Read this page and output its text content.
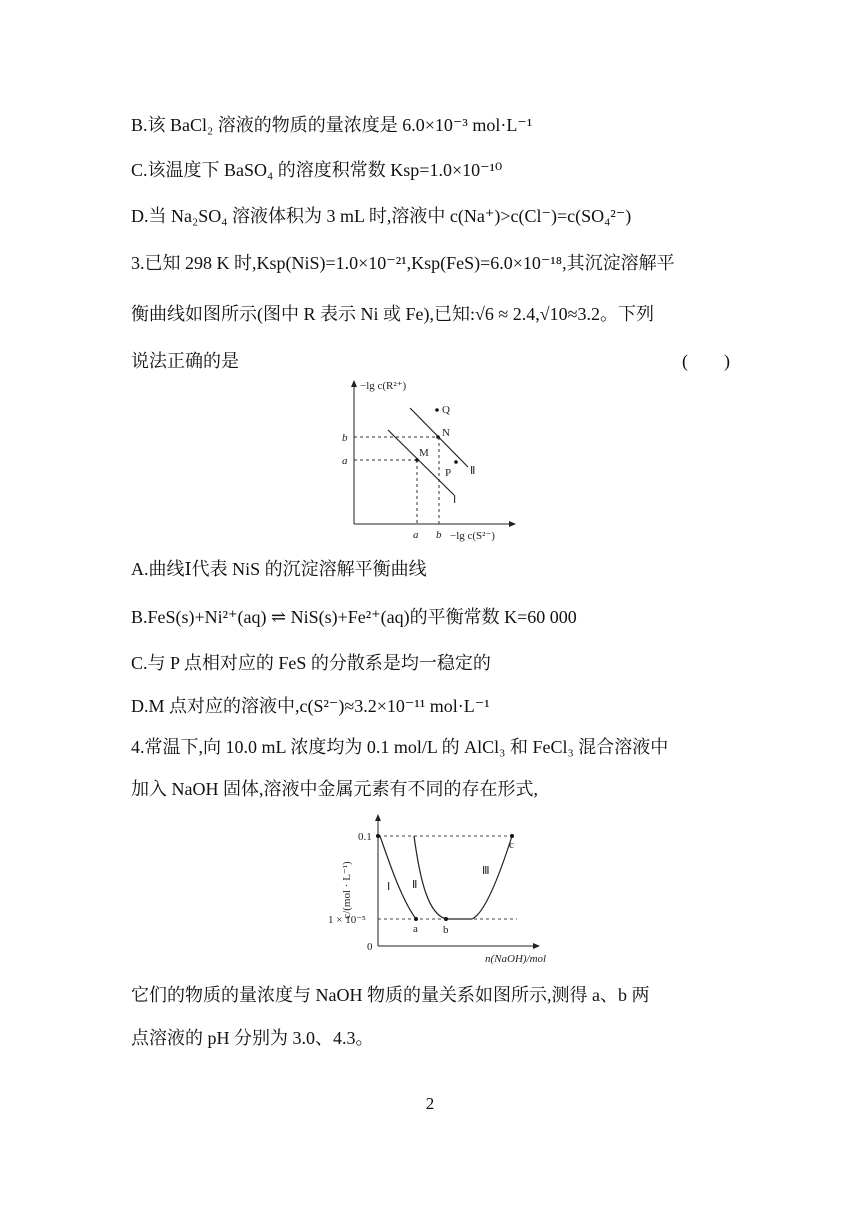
B.该 BaCl₂ 溶液的物质的量浓度是 6.0×10⁻³ mol·L⁻¹
C.该温度下 BaSO₄ 的溶度积常数 Ksp=1.0×10⁻¹⁰
D.当 Na₂SO₄ 溶液体积为 3 mL 时,溶液中 c(Na⁺)>c(Cl⁻)=c(SO₄²⁻)
3.已知 298 K 时,Ksp(NiS)=1.0×10⁻²¹,Ksp(FeS)=6.0×10⁻¹⁸,其沉淀溶解平
衡曲线如图所示(图中 R 表示 Ni 或 Fe),已知:√6 ≈ 2.4,√10≈3.2。下列
说法正确的是	(　　)
−lg c(R²⁺)
−lg c(S²⁻)
b
a
a b
Q
N
M
P Ⅱ
Ⅰ
A.曲线Ⅰ代表 NiS 的沉淀溶解平衡曲线
B.FeS(s)+Ni²⁺(aq) ⇌ NiS(s)+Fe²⁺(aq)的平衡常数 K=60 000
C.与 P 点相对应的 FeS 的分散系是均一稳定的
D.M 点对应的溶液中,c(S²⁻)≈3.2×10⁻¹¹ mol·L⁻¹
4.常温下,向 10.0 mL 浓度均为 0.1 mol/L 的 AlCl₃ 和 FeCl₃ 混合溶液中
加入 NaOH 固体,溶液中金属元素有不同的存在形式,
c/(mol · L⁻¹)
0.1
1 × 10⁻⁵
0
n(NaOH)/mol
a b
c
Ⅰ Ⅱ
Ⅲ
它们的物质的量浓度与 NaOH 物质的量关系如图所示,测得 a、b 两
点溶液的 pH 分别为 3.0、4.3。
2
